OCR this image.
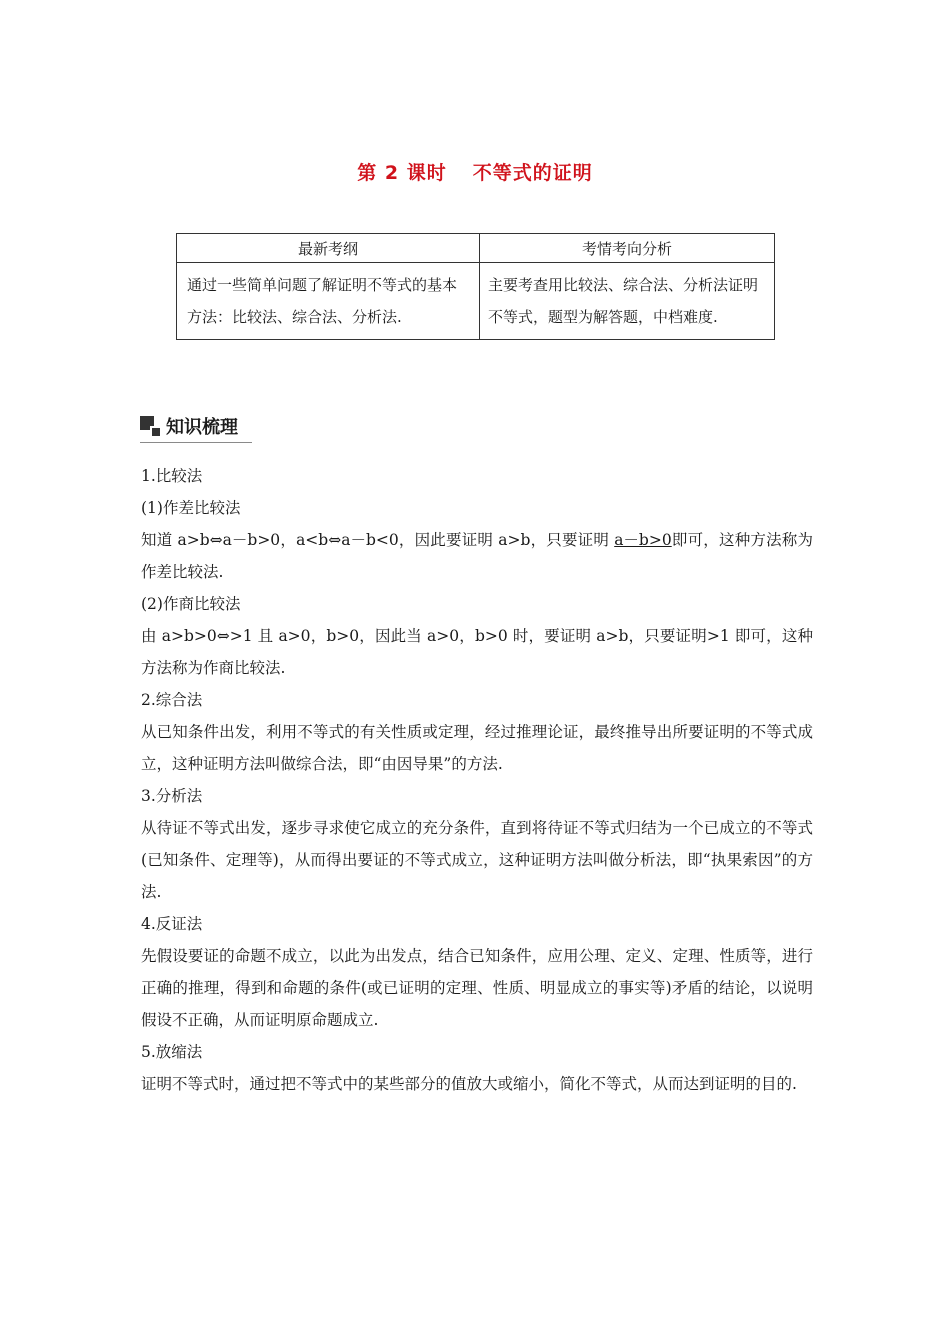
第 2 课时 不等式的证明
最新考纲	考情考向分析
通过一些简单问题了解证明不等式的基本方法：比较法、综合法、分析法.	主要考查用比较法、综合法、分析法证明不等式，题型为解答题，中档难度.
知识梳理

1.比较法

(1)作差比较法

知道 a>b⇔a－b>0，a<b⇔a－b<0，因此要证明 a>b，只要证明 a－b>0即可，这种方法称为作差比较法.

(2)作商比较法

由 a>b>0⇔>1 且 a>0，b>0，因此当 a>0，b>0 时，要证明 a>b，只要证明>1 即可，这种方法称为作商比较法.

2.综合法

从已知条件出发，利用不等式的有关性质或定理，经过推理论证，最终推导出所要证明的不等式成立，这种证明方法叫做综合法，即“由因导果”的方法.

3.分析法

从待证不等式出发，逐步寻求使它成立的充分条件，直到将待证不等式归结为一个已成立的不等式(已知条件、定理等)，从而得出要证的不等式成立，这种证明方法叫做分析法，即“执果索因”的方法.

4.反证法

先假设要证的命题不成立，以此为出发点，结合已知条件，应用公理、定义、定理、性质等，进行正确的推理，得到和命题的条件(或已证明的定理、性质、明显成立的事实等)矛盾的结论，以说明假设不正确，从而证明原命题成立.

5.放缩法

证明不等式时，通过把不等式中的某些部分的值放大或缩小，简化不等式，从而达到证明的目的.
